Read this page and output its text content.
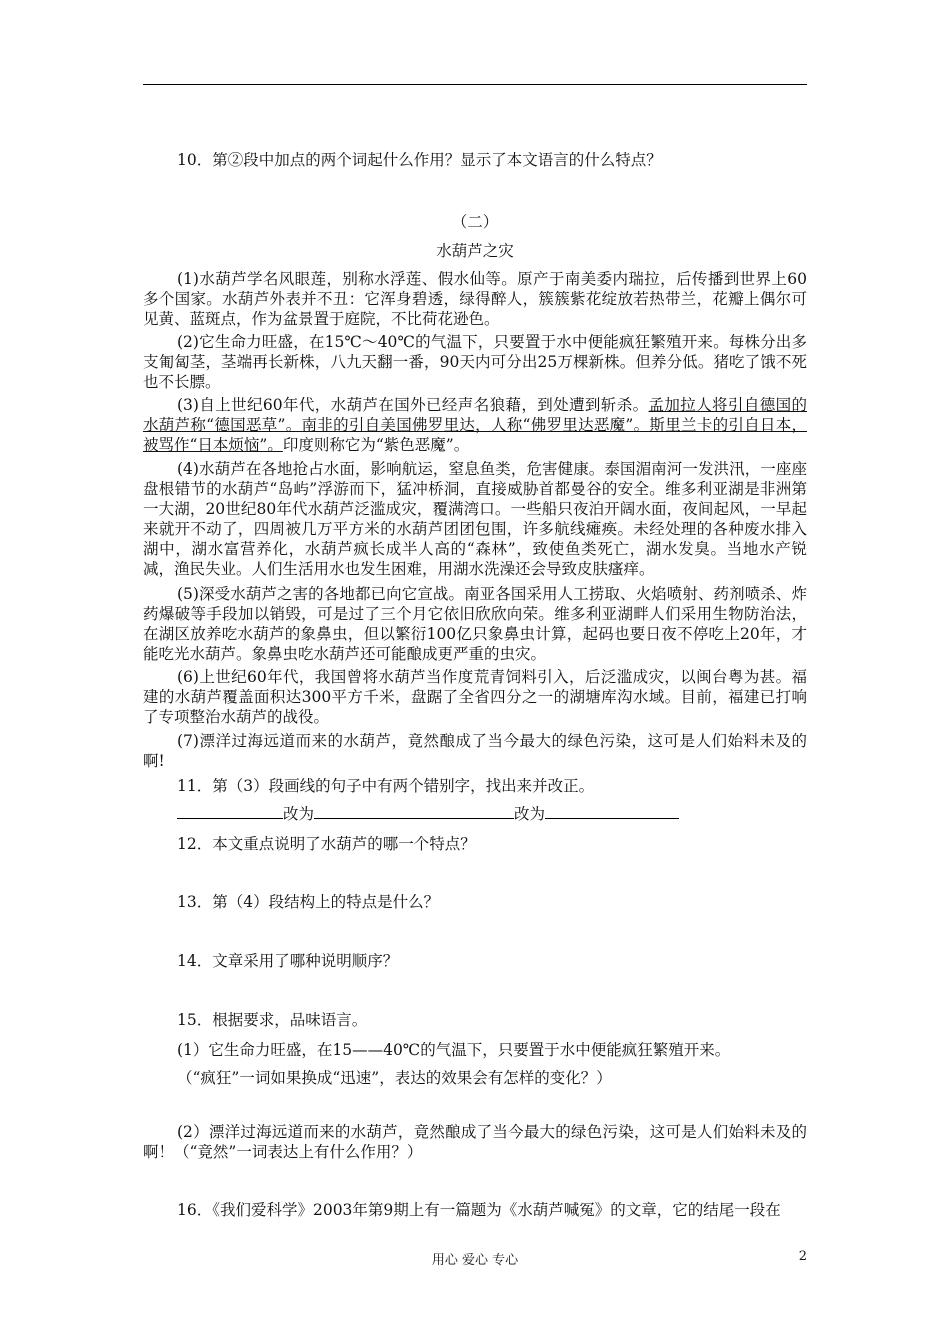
10．第②段中加点的两个词起什么作用？显示了本文语言的什么特点？
（二）
水葫芦之灾
(1)水葫芦学名风眼莲，别称水浮莲、假水仙等。原产于南美委内瑞拉，后传播到世界上60多个国家。水葫芦外表并不丑：它浑身碧透，绿得醉人，簇簇紫花绽放若热带兰，花瓣上偶尔可见黄、蓝斑点，作为盆景置于庭院，不比荷花逊色。
(2)它生命力旺盛，在15℃～40℃的气温下，只要置于水中便能疯狂繁殖开来。每株分出多支匍匐茎，茎端再长新株，八九天翻一番，90天内可分出25万棵新株。但养分低。猪吃了饿不死也不长膘。
(3)自上世纪60年代，水葫芦在国外已经声名狼藉，到处遭到斩杀。孟加拉人将引自德国的水葫芦称“德国恶草”。南非的引自美国佛罗里达，人称“佛罗里达恶魔”。斯里兰卡的引自日本，被骂作“日本烦恼”。印度则称它为“紫色恶魔”。
(4)水葫芦在各地抢占水面，影响航运，窒息鱼类，危害健康。泰国湄南河一发洪汛，一座座盘根错节的水葫芦“岛屿”浮游而下，猛冲桥洞，直接威胁首都曼谷的安全。维多利亚湖是非洲第一大湖，20世纪80年代水葫芦泛滥成灾，覆满湾口。一些船只夜泊开阔水面，夜间起风，一早起来就开不动了，四周被几万平方米的水葫芦团团包围，许多航线瘫痪。未经处理的各种废水排入湖中，湖水富营养化，水葫芦疯长成半人高的“森林”，致使鱼类死亡，湖水发臭。当地水产锐减，渔民失业。人们生活用水也发生困难，用湖水洗澡还会导致皮肤瘙痒。
(5)深受水葫芦之害的各地都已向它宣战。南亚各国采用人工捞取、火焰喷射、药剂喷杀、炸药爆破等手段加以销毁，可是过了三个月它依旧欣欣向荣。维多利亚湖畔人们采用生物防治法，在湖区放养吃水葫芦的象鼻虫，但以繁衍100亿只象鼻虫计算，起码也要日夜不停吃上20年，才能吃光水葫芦。象鼻虫吃水葫芦还可能酿成更严重的虫灾。
(6)上世纪60年代，我国曾将水葫芦当作度荒青饲料引入，后泛滥成灾，以闽台粤为甚。福建的水葫芦覆盖面积达300平方千米，盘踞了全省四分之一的湖塘库沟水域。目前，福建已打响了专项整治水葫芦的战役。
(7)漂洋过海远道而来的水葫芦，竟然酿成了当今最大的绿色污染，这可是人们始料未及的啊!
11．第（3）段画线的句子中有两个错别字，找出来并改正。
改为	改为
12．本文重点说明了水葫芦的哪一个特点？
13．第（4）段结构上的特点是什么？
14．文章采用了哪种说明顺序？
15．根据要求，品味语言。
(1）它生命力旺盛，在15——40℃的气温下，只要置于水中便能疯狂繁殖开来。
（“疯狂”一词如果换成“迅速”，表达的效果会有怎样的变化？）
(2）漂洋过海远道而来的水葫芦，竟然酿成了当今最大的绿色污染，这可是人们始料未及的啊！（“竟然”一词表达上有什么作用？）
16．《我们爱科学》2003年第9期上有一篇题为《水葫芦喊冤》的文章，它的结尾一段在
用心 爱心 专心	2
